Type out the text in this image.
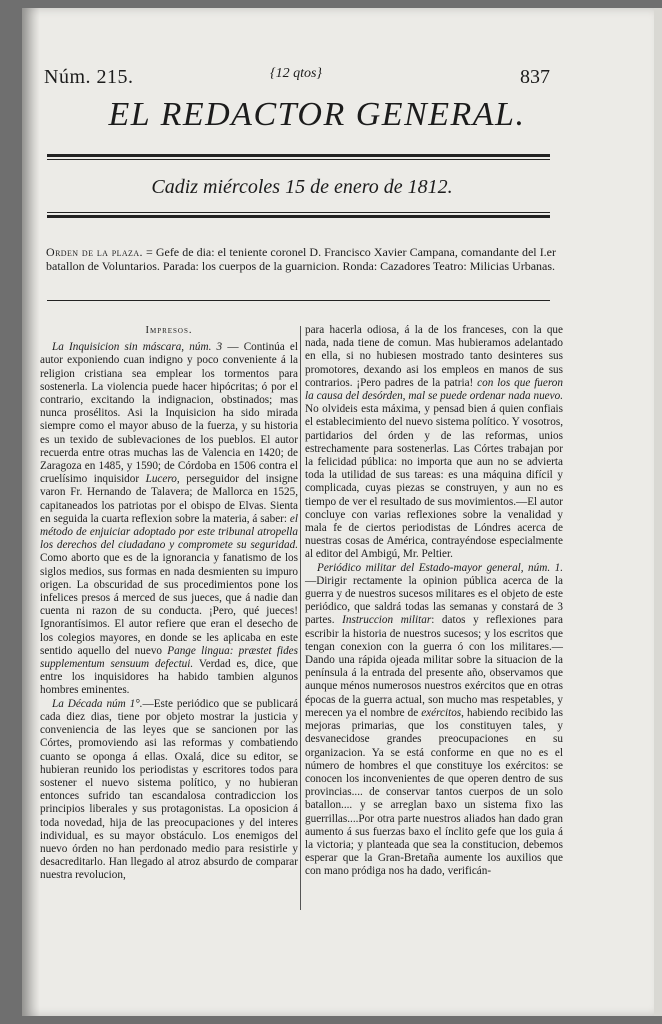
Núm. 215.	{12 qtos}	837
EL REDACTOR GENERAL.
Cadiz miércoles 15 de enero de 1812.
Orden de la plaza. = Gefe de dia: el teniente coronel D. Francisco Xavier Campana, comandante del I.er batallon de Voluntarios. Parada: los cuerpos de la guarnicion. Ronda: Cazadores Teatro: Milicias Urbanas.

Impresos.

La Inquisicion sin máscara, núm. 3 — Continúa el autor exponiendo cuan indigno y poco conveniente á la religion cristiana sea emplear los tormentos para sostenerla. La violencia puede hacer hipócritas; ó por el contrario, excitando la indignacion, obstinados; mas nunca prosélitos. Asi la Inquisicion ha sido mirada siempre como el mayor abuso de la fuerza, y su historia es un texido de sublevaciones de los pueblos. El autor recuerda entre otras muchas las de Valencia en 1420; de Zaragoza en 1485, y 1590; de Córdoba en 1506 contra el cruelísimo inquisidor Lucero, perseguidor del insigne varon Fr. Hernando de Talavera; de Mallorca en 1525, capitaneados los patriotas por el obispo de Elvas. Sienta en seguida la cuarta reflexion sobre la materia, á saber: el método de enjuiciar adoptado por este tribunal atropella los derechos del ciudadano y compromete su seguridad. Como aborto que es de la ignorancia y fanatismo de los siglos medios, sus formas en nada desmienten su impuro origen. La obscuridad de sus procedimientos pone los infelices presos á merced de sus jueces, que á nadie dan cuenta ni razon de su conducta. ¡Pero, qué jueces! Ignorantísimos. El autor refiere que eran el desecho de los colegios mayores, en donde se les aplicaba en este sentido aquello del nuevo Pange lingua: præstet fides supplementum sensuum defectui. Verdad es, dice, que entre los inquisidores ha habido tambien algunos hombres eminentes.

La Década núm 1°.—Este periódico que se publicará cada diez dias, tiene por objeto mostrar la justicia y conveniencia de las leyes que se sancionen por las Córtes, promoviendo asi las reformas y combatiendo cuanto se oponga á ellas. Oxalá, dice su editor, se hubieran reunido los periodistas y escritores todos para sostener el nuevo sistema político, y no hubieran entonces sufrido tan escandalosa contradiccion los principios liberales y sus protagonistas. La oposicion á toda novedad, hija de las preocupaciones y del interes individual, es su mayor obstáculo. Los enemigos del nuevo órden no han perdonado medio para resistirle y desacreditarlo. Han llegado al atroz absurdo de comparar nuestra revolucion,

para hacerla odiosa, á la de los franceses, con la que nada, nada tiene de comun. Mas hubieramos adelantado en ella, si no hubiesen mostrado tanto desinteres sus promotores, dexando asi los empleos en manos de sus contrarios. ¡Pero padres de la patria! con los que fueron la causa del desórden, mal se puede ordenar nada nuevo. No olvideis esta máxima, y pensad bien á quien confiais el establecimiento del nuevo sistema político. Y vosotros, partidarios del órden y de las reformas, unios estrechamente para sostenerlas. Las Córtes trabajan por la felicidad pública: no importa que aun no se advierta toda la utilidad de sus tareas: es una máquina difícil y complicada, cuyas piezas se construyen, y aun no es tiempo de ver el resultado de sus movimientos.—El autor concluye con varias reflexiones sobre la venalidad y mala fe de ciertos periodistas de Lóndres acerca de nuestras cosas de América, contrayéndose especialmente al editor del Ambigú, Mr. Peltier.

Periódico militar del Estado-mayor general, núm. 1. —Dirigir rectamente la opinion pública acerca de la guerra y de nuestros sucesos militares es el objeto de este periódico, que saldrá todas las semanas y constará de 3 partes. Instruccion militar: datos y reflexiones para escribir la historia de nuestros sucesos; y los escritos que tengan conexion con la guerra ó con los militares.—Dando una rápida ojeada militar sobre la situacion de la península á la entrada del presente año, observamos que aunque ménos numerosos nuestros exércitos que en otras épocas de la guerra actual, son mucho mas respetables, y merecen ya el nombre de exércitos, habiendo recibido las mejoras primarias, que los constituyen tales, y desvanecidose grandes preocupaciones en su organizacion. Ya se está conforme en que no es el número de hombres el que constituye los exércitos: se conocen los inconvenientes de que operen dentro de sus provincias.... de conservar tantos cuerpos de un solo batallon.... y se arreglan baxo un sistema fixo las guerrillas....Por otra parte nuestros aliados han dado gran aumento á sus fuerzas baxo el ínclito gefe que los guia á la victoria; y planteada que sea la constitucion, debemos esperar que la Gran-Bretaña aumente los auxilios que con mano pródiga nos ha dado, verificán-
